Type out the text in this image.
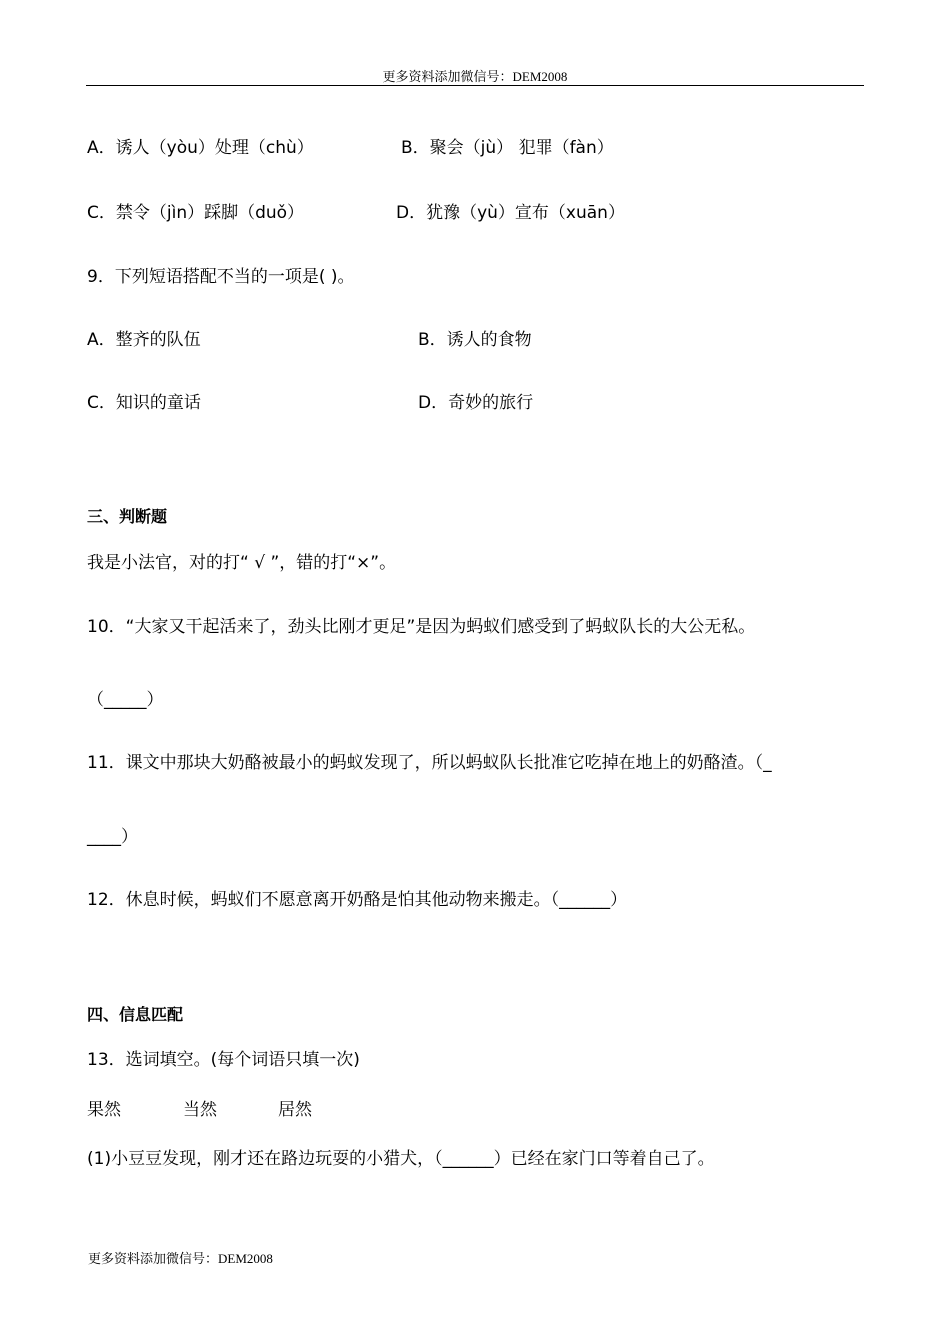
更多资料添加微信号：DEM2008
A．诱人（yòu）处理（chù）	B．聚会（jù） 犯罪（fàn）
C．禁令（jìn）踩脚（duǒ）	D．犹豫（yù）宣布（xuān）
9．下列短语搭配不当的一项是( )。
A．整齐的队伍	B．诱人的食物
C．知识的童话	D．奇妙的旅行
三、判断题
我是小法官，对的打“ √ ”，错的打“×”。
10．“大家又干起活来了，劲头比刚才更足”是因为蚂蚁们感受到了蚂蚁队长的大公无私。
（_____）
11．课文中那块大奶酪被最小的蚂蚁发现了，所以蚂蚁队长批准它吃掉在地上的奶酪渣。（_
____）
12．休息时候，蚂蚁们不愿意离开奶酪是怕其他动物来搬走。（______）
四、信息匹配
13．选词填空。(每个词语只填一次)
果然	当然	居然
(1)小豆豆发现，刚才还在路边玩耍的小猎犬，（______）已经在家门口等着自己了。
更多资料添加微信号：DEM2008
